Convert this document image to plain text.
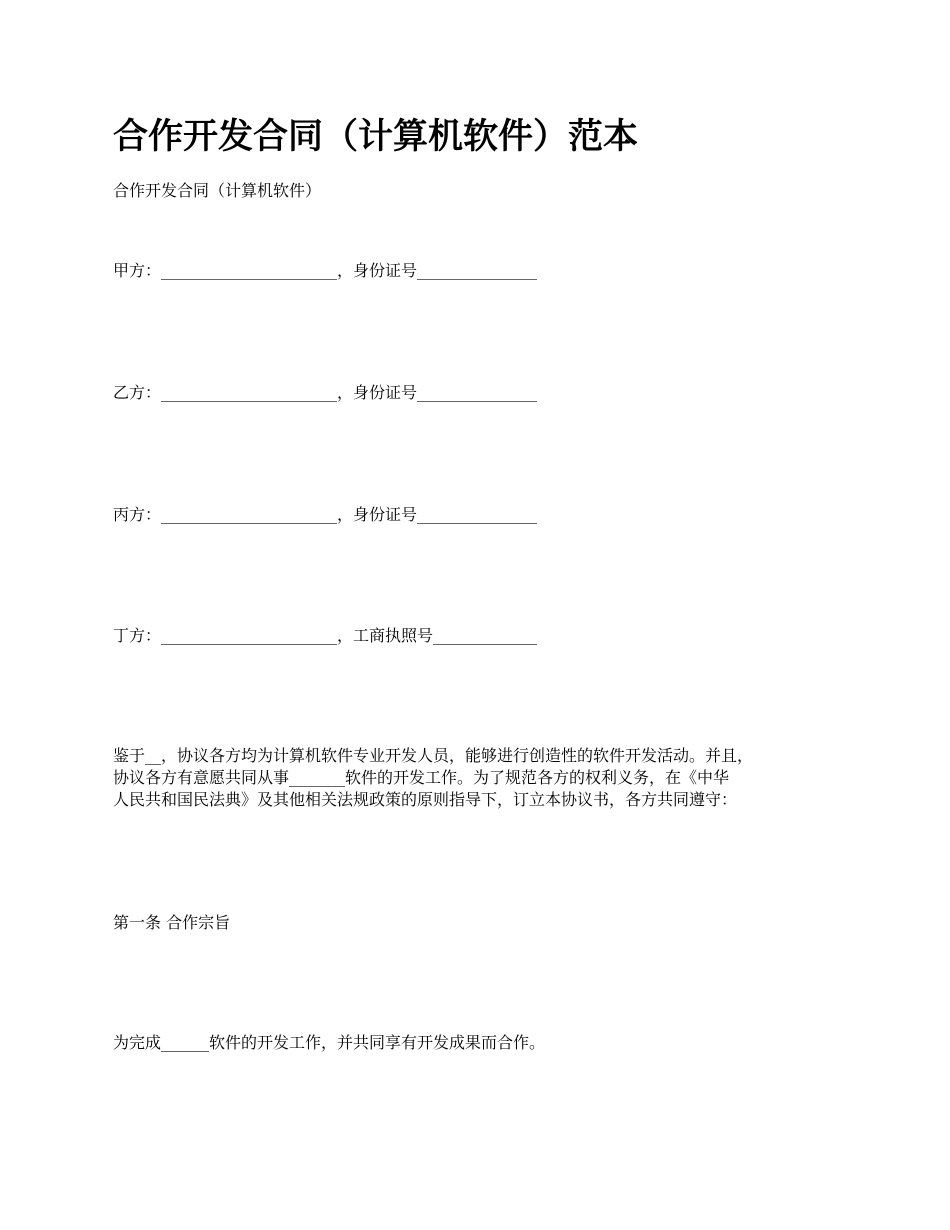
合作开发合同（计算机软件）范本

合作开发合同（计算机软件）

甲方：______________________，身份证号_______________

乙方：______________________，身份证号_______________

丙方：______________________，身份证号_______________

丁方：______________________，工商执照号_____________

鉴于__，协议各方均为计算机软件专业开发人员，能够进行创造性的软件开发活动。并且，
协议各方有意愿共同从事_______软件的开发工作。为了规范各方的权利义务，在《中华
人民共和国民法典》及其他相关法规政策的原则指导下，订立本协议书，各方共同遵守：

第一条 合作宗旨

为完成______软件的开发工作，并共同享有开发成果而合作。
